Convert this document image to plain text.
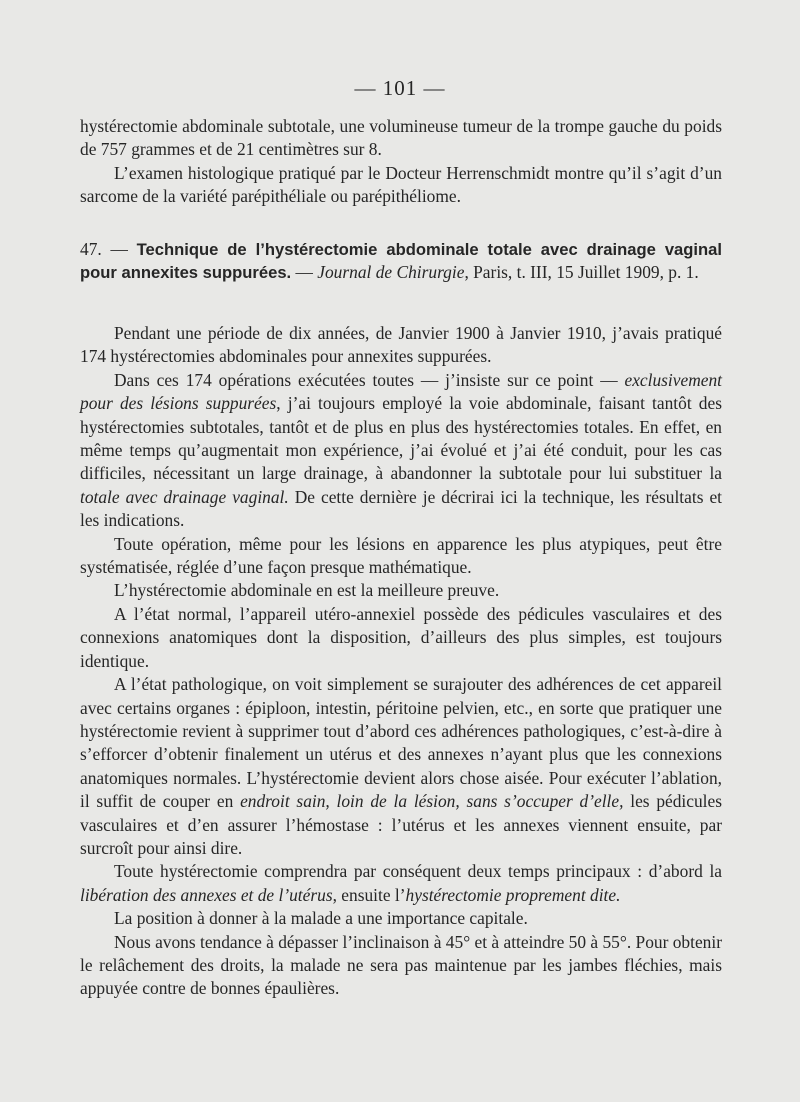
— 101 —

hystérectomie abdominale subtotale, une volumineuse tumeur de la trompe gauche du poids de 757 grammes et de 21 centimètres sur 8.

L’examen histologique pratiqué par le Docteur Herrenschmidt montre qu’il s’agit d’un sarcome de la variété parépithéliale ou parépithéliome.

47. — Technique de l’hystérectomie abdominale totale avec drainage vaginal pour annexites suppurées. — Journal de Chirurgie, Paris, t. III, 15 Juillet 1909, p. 1.

Pendant une période de dix années, de Janvier 1900 à Janvier 1910, j’avais pratiqué 174 hystérectomies abdominales pour annexites suppurées.

Dans ces 174 opérations exécutées toutes — j’insiste sur ce point — exclusivement pour des lésions suppurées, j’ai toujours employé la voie abdominale, faisant tantôt des hystérectomies subtotales, tantôt et de plus en plus des hystérectomies totales. En effet, en même temps qu’augmentait mon expérience, j’ai évolué et j’ai été conduit, pour les cas difficiles, nécessitant un large drainage, à abandonner la subtotale pour lui substituer la totale avec drainage vaginal. De cette dernière je décrirai ici la technique, les résultats et les indications.

Toute opération, même pour les lésions en apparence les plus atypiques, peut être systématisée, réglée d’une façon presque mathématique.

L’hystérectomie abdominale en est la meilleure preuve.

A l’état normal, l’appareil utéro-annexiel possède des pédicules vasculaires et des connexions anatomiques dont la disposition, d’ailleurs des plus simples, est toujours identique.

A l’état pathologique, on voit simplement se surajouter des adhérences de cet appareil avec certains organes : épiploon, intestin, péritoine pelvien, etc., en sorte que pratiquer une hystérectomie revient à supprimer tout d’abord ces adhérences pathologiques, c’est-à-dire à s’efforcer d’obtenir finalement un utérus et des annexes n’ayant plus que les connexions anatomiques normales. L’hystérectomie devient alors chose aisée. Pour exécuter l’ablation, il suffit de couper en endroit sain, loin de la lésion, sans s’occuper d’elle, les pédicules vasculaires et d’en assurer l’hémostase : l’utérus et les annexes viennent ensuite, par surcroît pour ainsi dire.

Toute hystérectomie comprendra par conséquent deux temps principaux : d’abord la libération des annexes et de l’utérus, ensuite l’hystérectomie proprement dite.

La position à donner à la malade a une importance capitale.

Nous avons tendance à dépasser l’inclinaison à 45° et à atteindre 50 à 55°. Pour obtenir le relâchement des droits, la malade ne sera pas maintenue par les jambes fléchies, mais appuyée contre de bonnes épaulières.
